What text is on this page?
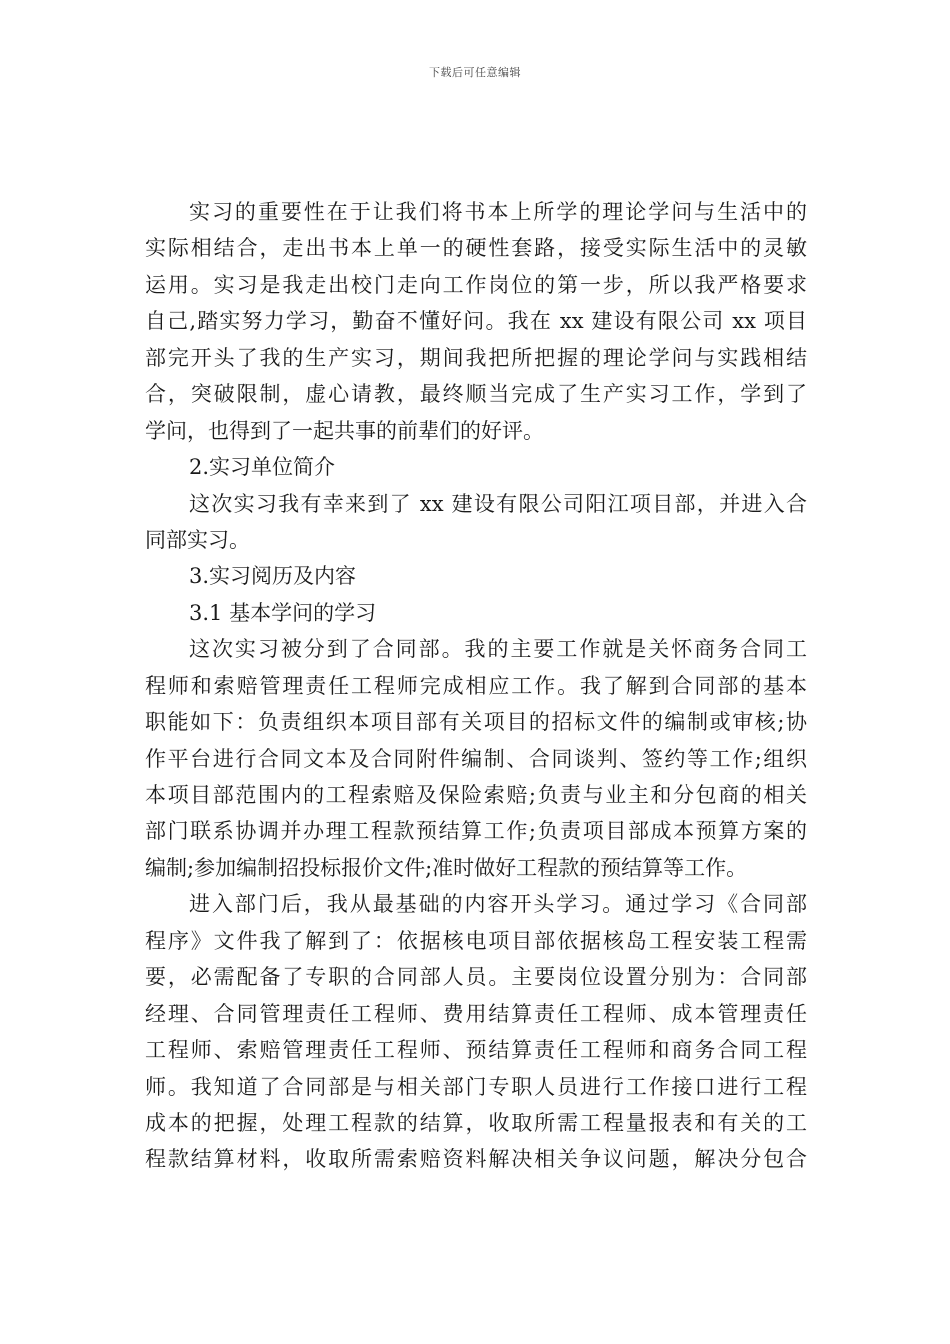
下载后可任意编辑
实习的重要性在于让我们将书本上所学的理论学问与生活中的
实际相结合，走出书本上单一的硬性套路，接受实际生活中的灵敏
运用。实习是我走出校门走向工作岗位的第一步，所以我严格要求
自己,踏实努力学习，勤奋不懂好问。我在 xx 建设有限公司 xx 项目
部完开头了我的生产实习，期间我把所把握的理论学问与实践相结
合，突破限制，虚心请教，最终顺当完成了生产实习工作，学到了
学问，也得到了一起共事的前辈们的好评。
2.实习单位简介
这次实习我有幸来到了 xx 建设有限公司阳江项目部，并进入合
同部实习。
3.实习阅历及内容
3.1 基本学问的学习
这次实习被分到了合同部。我的主要工作就是关怀商务合同工
程师和索赔管理责任工程师完成相应工作。我了解到合同部的基本
职能如下：负责组织本项目部有关项目的招标文件的编制或审核;协
作平台进行合同文本及合同附件编制、合同谈判、签约等工作;组织
本项目部范围内的工程索赔及保险索赔;负责与业主和分包商的相关
部门联系协调并办理工程款预结算工作;负责项目部成本预算方案的
编制;参加编制招投标报价文件;准时做好工程款的预结算等工作。
进入部门后，我从最基础的内容开头学习。通过学习《合同部
程序》文件我了解到了：依据核电项目部依据核岛工程安装工程需
要，必需配备了专职的合同部人员。主要岗位设置分别为：合同部
经理、合同管理责任工程师、费用结算责任工程师、成本管理责任
工程师、索赔管理责任工程师、预结算责任工程师和商务合同工程
师。我知道了合同部是与相关部门专职人员进行工作接口进行工程
成本的把握，处理工程款的结算，收取所需工程量报表和有关的工
程款结算材料，收取所需索赔资料解决相关争议问题，解决分包合
